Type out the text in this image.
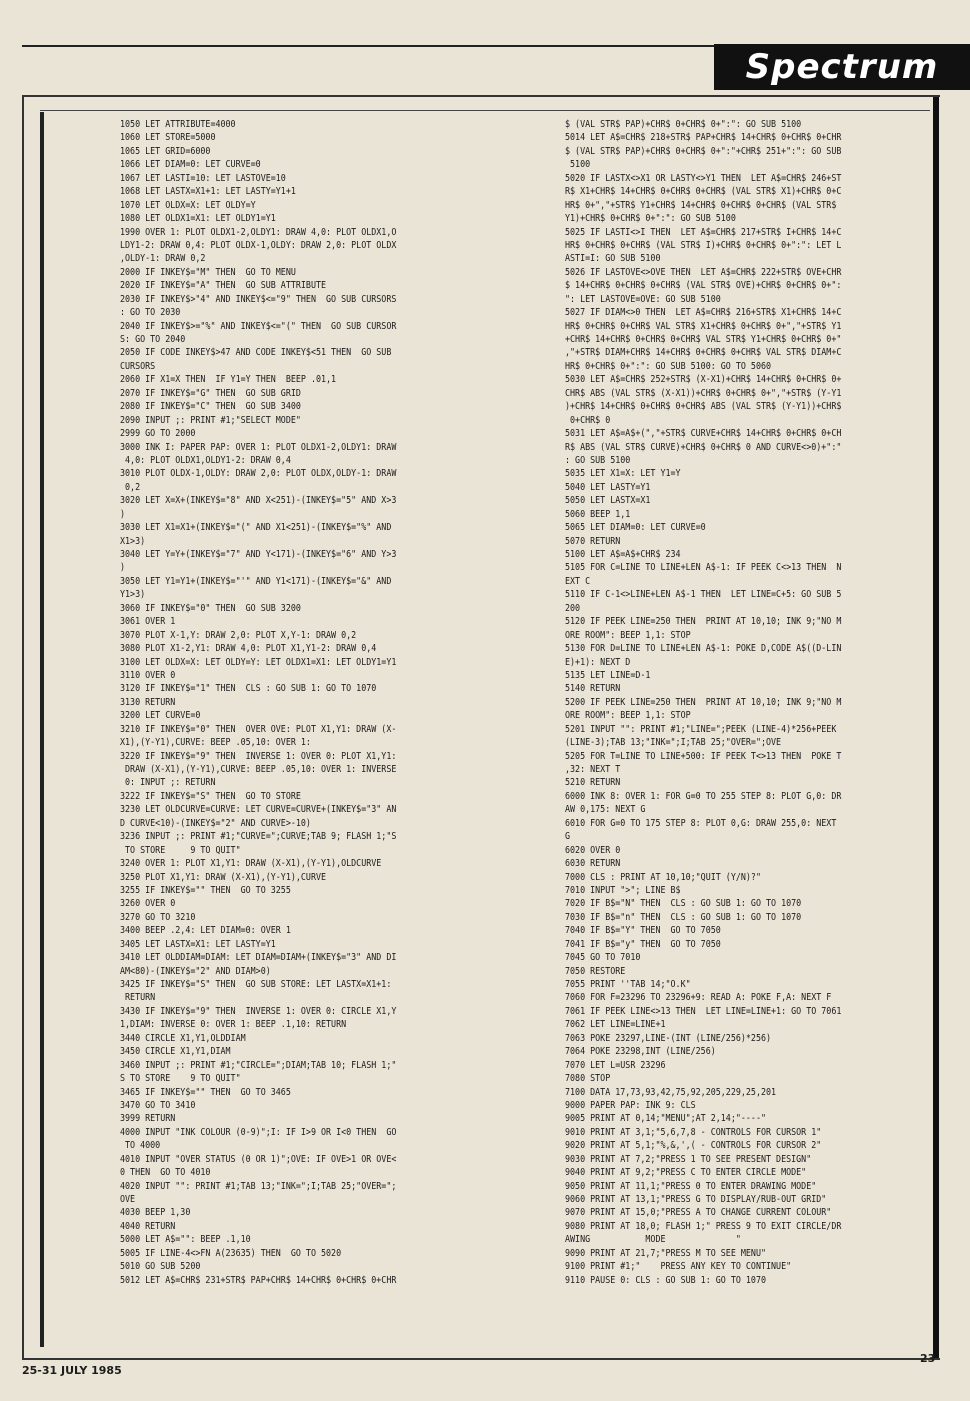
Spectrum
1050 LET ATTRIBUTE=4000
1060 LET STORE=5000
1065 LET GRID=6000
1066 LET DIAM=0: LET CURVE=0
1067 LET LASTI=10: LET LASTOVE=10
1068 LET LASTX=X1+1: LET LASTY=Y1+1
1070 LET OLDX=X: LET OLDY=Y
1080 LET OLDX1=X1: LET OLDY1=Y1
1990 OVER 1: PLOT OLDX1-2,OLDY1: DRAW 4,0: PLOT OLDX1,O
LDY1-2: DRAW 0,4: PLOT OLDX-1,OLDY: DRAW 2,0: PLOT OLDX
,OLDY-1: DRAW 0,2
2000 IF INKEY$="M" THEN  GO TO MENU
2020 IF INKEY$="A" THEN  GO SUB ATTRIBUTE
2030 IF INKEY$>"4" AND INKEY$<="9" THEN  GO SUB CURSORS
: GO TO 2030
2040 IF INKEY$>="%" AND INKEY$<="(" THEN  GO SUB CURSOR
S: GO TO 2040
2050 IF CODE INKEY$>47 AND CODE INKEY$<51 THEN  GO SUB
CURSORS
2060 IF X1=X THEN  IF Y1=Y THEN  BEEP .01,1
2070 IF INKEY$="G" THEN  GO SUB GRID
2080 IF INKEY$="C" THEN  GO SUB 3400
2090 INPUT ;: PRINT #1;"SELECT MODE"
2999 GO TO 2000
3000 INK I: PAPER PAP: OVER 1: PLOT OLDX1-2,OLDY1: DRAW
4,0: PLOT OLDX1,OLDY1-2: DRAW 0,4
3010 PLOT OLDX-1,OLDY: DRAW 2,0: PLOT OLDX,OLDY-1: DRAW
0,2
3020 LET X=X+(INKEY$="8" AND X<251)-(INKEY$="5" AND X>3
)
3030 LET X1=X1+(INKEY$="(" AND X1<251)-(INKEY$="%" AND
X1>3)
3040 LET Y=Y+(INKEY$="7" AND Y<171)-(INKEY$="6" AND Y>3
)
3050 LET Y1=Y1+(INKEY$="'" AND Y1<171)-(INKEY$="&" AND
Y1>3)
3060 IF INKEY$="0" THEN  GO SUB 3200
3061 OVER 1
3070 PLOT X-1,Y: DRAW 2,0: PLOT X,Y-1: DRAW 0,2
3080 PLOT X1-2,Y1: DRAW 4,0: PLOT X1,Y1-2: DRAW 0,4
3100 LET OLDX=X: LET OLDY=Y: LET OLDX1=X1: LET OLDY1=Y1
3110 OVER 0
3120 IF INKEY$="1" THEN  CLS : GO SUB 1: GO TO 1070
3130 RETURN
3200 LET CURVE=0
3210 IF INKEY$="0" THEN  OVER OVE: PLOT X1,Y1: DRAW (X-
X1),(Y-Y1),CURVE: BEEP .05,10: OVER 1:
3220 IF INKEY$="9" THEN  INVERSE 1: OVER 0: PLOT X1,Y1:
DRAW (X-X1),(Y-Y1),CURVE: BEEP .05,10: OVER 1: INVERSE
0: INPUT ;: RETURN
3222 IF INKEY$="S" THEN  GO TO STORE
3230 LET OLDCURVE=CURVE: LET CURVE=CURVE+(INKEY$="3" AN
D CURVE<10)-(INKEY$="2" AND CURVE>-10)
3236 INPUT ;: PRINT #1;"CURVE=";CURVE;TAB 9; FLASH 1;"S
TO STORE     9 TO QUIT"
3240 OVER 1: PLOT X1,Y1: DRAW (X-X1),(Y-Y1),OLDCURVE
3250 PLOT X1,Y1: DRAW (X-X1),(Y-Y1),CURVE
3255 IF INKEY$="" THEN  GO TO 3255
3260 OVER 0
3270 GO TO 3210
3400 BEEP .2,4: LET DIAM=0: OVER 1
3405 LET LASTX=X1: LET LASTY=Y1
3410 LET OLDDIAM=DIAM: LET DIAM=DIAM+(INKEY$="3" AND DI
AM<80)-(INKEY$="2" AND DIAM>0)
3425 IF INKEY$="S" THEN  GO SUB STORE: LET LASTX=X1+1:
RETURN
3430 IF INKEY$="9" THEN  INVERSE 1: OVER 0: CIRCLE X1,Y
1,DIAM: INVERSE 0: OVER 1: BEEP .1,10: RETURN
3440 CIRCLE X1,Y1,OLDDIAM
3450 CIRCLE X1,Y1,DIAM
3460 INPUT ;: PRINT #1;"CIRCLE=";DIAM;TAB 10; FLASH 1;"
S TO STORE    9 TO QUIT"
3465 IF INKEY$="" THEN  GO TO 3465
3470 GO TO 3410
3999 RETURN
4000 INPUT "INK COLOUR (0-9)";I: IF I>9 OR I<0 THEN  GO
TO 4000
4010 INPUT "OVER STATUS (0 OR 1)";OVE: IF OVE>1 OR OVE<
0 THEN  GO TO 4010
4020 INPUT "": PRINT #1;TAB 13;"INK=";I;TAB 25;"OVER=";
OVE
4030 BEEP 1,30
4040 RETURN
5000 LET A$="": BEEP .1,10
5005 IF LINE-4<>FN A(23635) THEN  GO TO 5020
5010 GO SUB 5200
5012 LET A$=CHR$ 231+STR$ PAP+CHR$ 14+CHR$ 0+CHR$ 0+CHR
$ (VAL STR$ PAP)+CHR$ 0+CHR$ 0+":": GO SUB 5100
5014 LET A$=CHR$ 218+STR$ PAP+CHR$ 14+CHR$ 0+CHR$ 0+CHR
$ (VAL STR$ PAP)+CHR$ 0+CHR$ 0+":"+CHR$ 251+":": GO SUB
5100
5020 IF LASTX<>X1 OR LASTY<>Y1 THEN  LET A$=CHR$ 246+ST
R$ X1+CHR$ 14+CHR$ 0+CHR$ 0+CHR$ (VAL STR$ X1)+CHR$ 0+C
HR$ 0+","+STR$ Y1+CHR$ 14+CHR$ 0+CHR$ 0+CHR$ (VAL STR$
Y1)+CHR$ 0+CHR$ 0+":": GO SUB 5100
5025 IF LASTI<>I THEN  LET A$=CHR$ 217+STR$ I+CHR$ 14+C
HR$ 0+CHR$ 0+CHR$ (VAL STR$ I)+CHR$ 0+CHR$ 0+":": LET L
ASTI=I: GO SUB 5100
5026 IF LASTOVE<>OVE THEN  LET A$=CHR$ 222+STR$ OVE+CHR
$ 14+CHR$ 0+CHR$ 0+CHR$ (VAL STR$ OVE)+CHR$ 0+CHR$ 0+":
": LET LASTOVE=OVE: GO SUB 5100
5027 IF DIAM<>0 THEN  LET A$=CHR$ 216+STR$ X1+CHR$ 14+C
HR$ 0+CHR$ 0+CHR$ VAL STR$ X1+CHR$ 0+CHR$ 0+","+STR$ Y1
+CHR$ 14+CHR$ 0+CHR$ 0+CHR$ VAL STR$ Y1+CHR$ 0+CHR$ 0+"
,"+STR$ DIAM+CHR$ 14+CHR$ 0+CHR$ 0+CHR$ VAL STR$ DIAM+C
HR$ 0+CHR$ 0+":": GO SUB 5100: GO TO 5060
5030 LET A$=CHR$ 252+STR$ (X-X1)+CHR$ 14+CHR$ 0+CHR$ 0+
CHR$ ABS (VAL STR$ (X-X1))+CHR$ 0+CHR$ 0+","+STR$ (Y-Y1
)+CHR$ 14+CHR$ 0+CHR$ 0+CHR$ ABS (VAL STR$ (Y-Y1))+CHR$
0+CHR$ 0
5031 LET A$=A$+(","+STR$ CURVE+CHR$ 14+CHR$ 0+CHR$ 0+CH
R$ ABS (VAL STR$ CURVE)+CHR$ 0+CHR$ 0 AND CURVE<>0)+":"
: GO SUB 5100
5035 LET X1=X: LET Y1=Y
5040 LET LASTY=Y1
5050 LET LASTX=X1
5060 BEEP 1,1
5065 LET DIAM=0: LET CURVE=0
5070 RETURN
5100 LET A$=A$+CHR$ 234
5105 FOR C=LINE TO LINE+LEN A$-1: IF PEEK C<>13 THEN  N
EXT C
5110 IF C-1<>LINE+LEN A$-1 THEN  LET LINE=C+5: GO SUB 5
200
5120 IF PEEK LINE=250 THEN  PRINT AT 10,10; INK 9;"NO M
ORE ROOM": BEEP 1,1: STOP
5130 FOR D=LINE TO LINE+LEN A$-1: POKE D,CODE A$((D-LIN
E)+1): NEXT D
5135 LET LINE=D-1
5140 RETURN
5200 IF PEEK LINE=250 THEN  PRINT AT 10,10; INK 9;"NO M
ORE ROOM": BEEP 1,1: STOP
5201 INPUT "": PRINT #1;"LINE=";PEEK (LINE-4)*256+PEEK
(LINE-3);TAB 13;"INK=";I;TAB 25;"OVER=";OVE
5205 FOR T=LINE TO LINE+500: IF PEEK T<>13 THEN  POKE T
,32: NEXT T
5210 RETURN
6000 INK 8: OVER 1: FOR G=0 TO 255 STEP 8: PLOT G,0: DR
AW 0,175: NEXT G
6010 FOR G=0 TO 175 STEP 8: PLOT 0,G: DRAW 255,0: NEXT
G
6020 OVER 0
6030 RETURN
7000 CLS : PRINT AT 10,10;"QUIT (Y/N)?"
7010 INPUT ">"; LINE B$
7020 IF B$="N" THEN  CLS : GO SUB 1: GO TO 1070
7030 IF B$="n" THEN  CLS : GO SUB 1: GO TO 1070
7040 IF B$="Y" THEN  GO TO 7050
7041 IF B$="y" THEN  GO TO 7050
7045 GO TO 7010
7050 RESTORE
7055 PRINT ''TAB 14;"O.K"
7060 FOR F=23296 TO 23296+9: READ A: POKE F,A: NEXT F
7061 IF PEEK LINE<>13 THEN  LET LINE=LINE+1: GO TO 7061
7062 LET LINE=LINE+1
7063 POKE 23297,LINE-(INT (LINE/256)*256)
7064 POKE 23298,INT (LINE/256)
7070 LET L=USR 23296
7080 STOP
7100 DATA 17,73,93,42,75,92,205,229,25,201
9000 PAPER PAP: INK 9: CLS
9005 PRINT AT 0,14;"MENU";AT 2,14;"----"
9010 PRINT AT 3,1;"5,6,7,8 - CONTROLS FOR CURSOR 1"
9020 PRINT AT 5,1;"%,&,',( - CONTROLS FOR CURSOR 2"
9030 PRINT AT 7,2;"PRESS 1 TO SEE PRESENT DESIGN"
9040 PRINT AT 9,2;"PRESS C TO ENTER CIRCLE MODE"
9050 PRINT AT 11,1;"PRESS 0 TO ENTER DRAWING MODE"
9060 PRINT AT 13,1;"PRESS G TO DISPLAY/RUB-OUT GRID"
9070 PRINT AT 15,0;"PRESS A TO CHANGE CURRENT COLOUR"
9080 PRINT AT 18,0; FLASH 1;" PRESS 9 TO EXIT CIRCLE/DR
AWING           MODE              "
9090 PRINT AT 21,7;"PRESS M TO SEE MENU"
9100 PRINT #1;"    PRESS ANY KEY TO CONTINUE"
9110 PAUSE 0: CLS : GO SUB 1: GO TO 1070
25-31 JULY 1985
23
